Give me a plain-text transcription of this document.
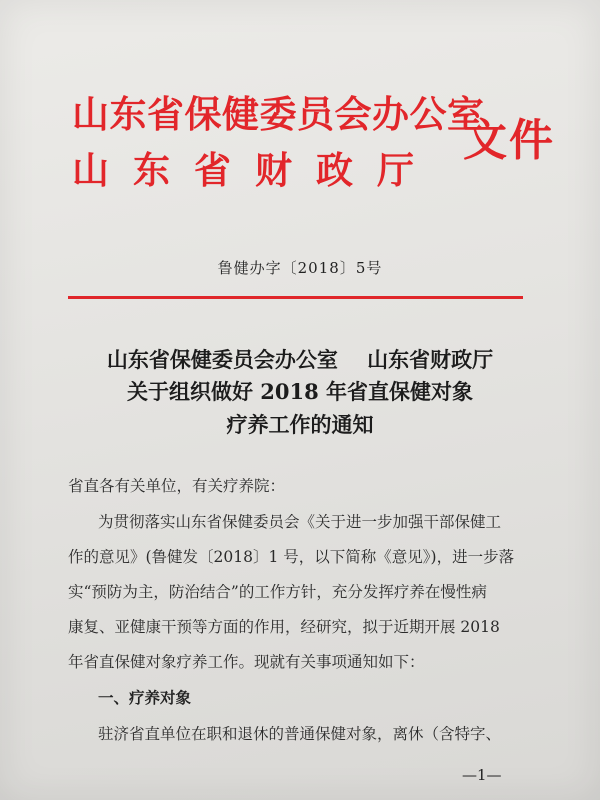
山东省保健委员会办公室
山东省财政厅
文件
鲁健办字〔2018〕5号
山东省保健委员会办公室    山东省财政厅
关于组织做好 2018 年省直保健对象
疗养工作的通知
省直各有关单位，有关疗养院：
为贯彻落实山东省保健委员会《关于进一步加强干部保健工
作的意见》(鲁健发〔2018〕1 号，以下简称《意见》)，进一步落
实“预防为主，防治结合”的工作方针，充分发挥疗养在慢性病
康复、亚健康干预等方面的作用，经研究，拟于近期开展 2018
年省直保健对象疗养工作。现就有关事项通知如下：
一、疗养对象
驻济省直单位在职和退休的普通保健对象，离休（含特字、
—1—
